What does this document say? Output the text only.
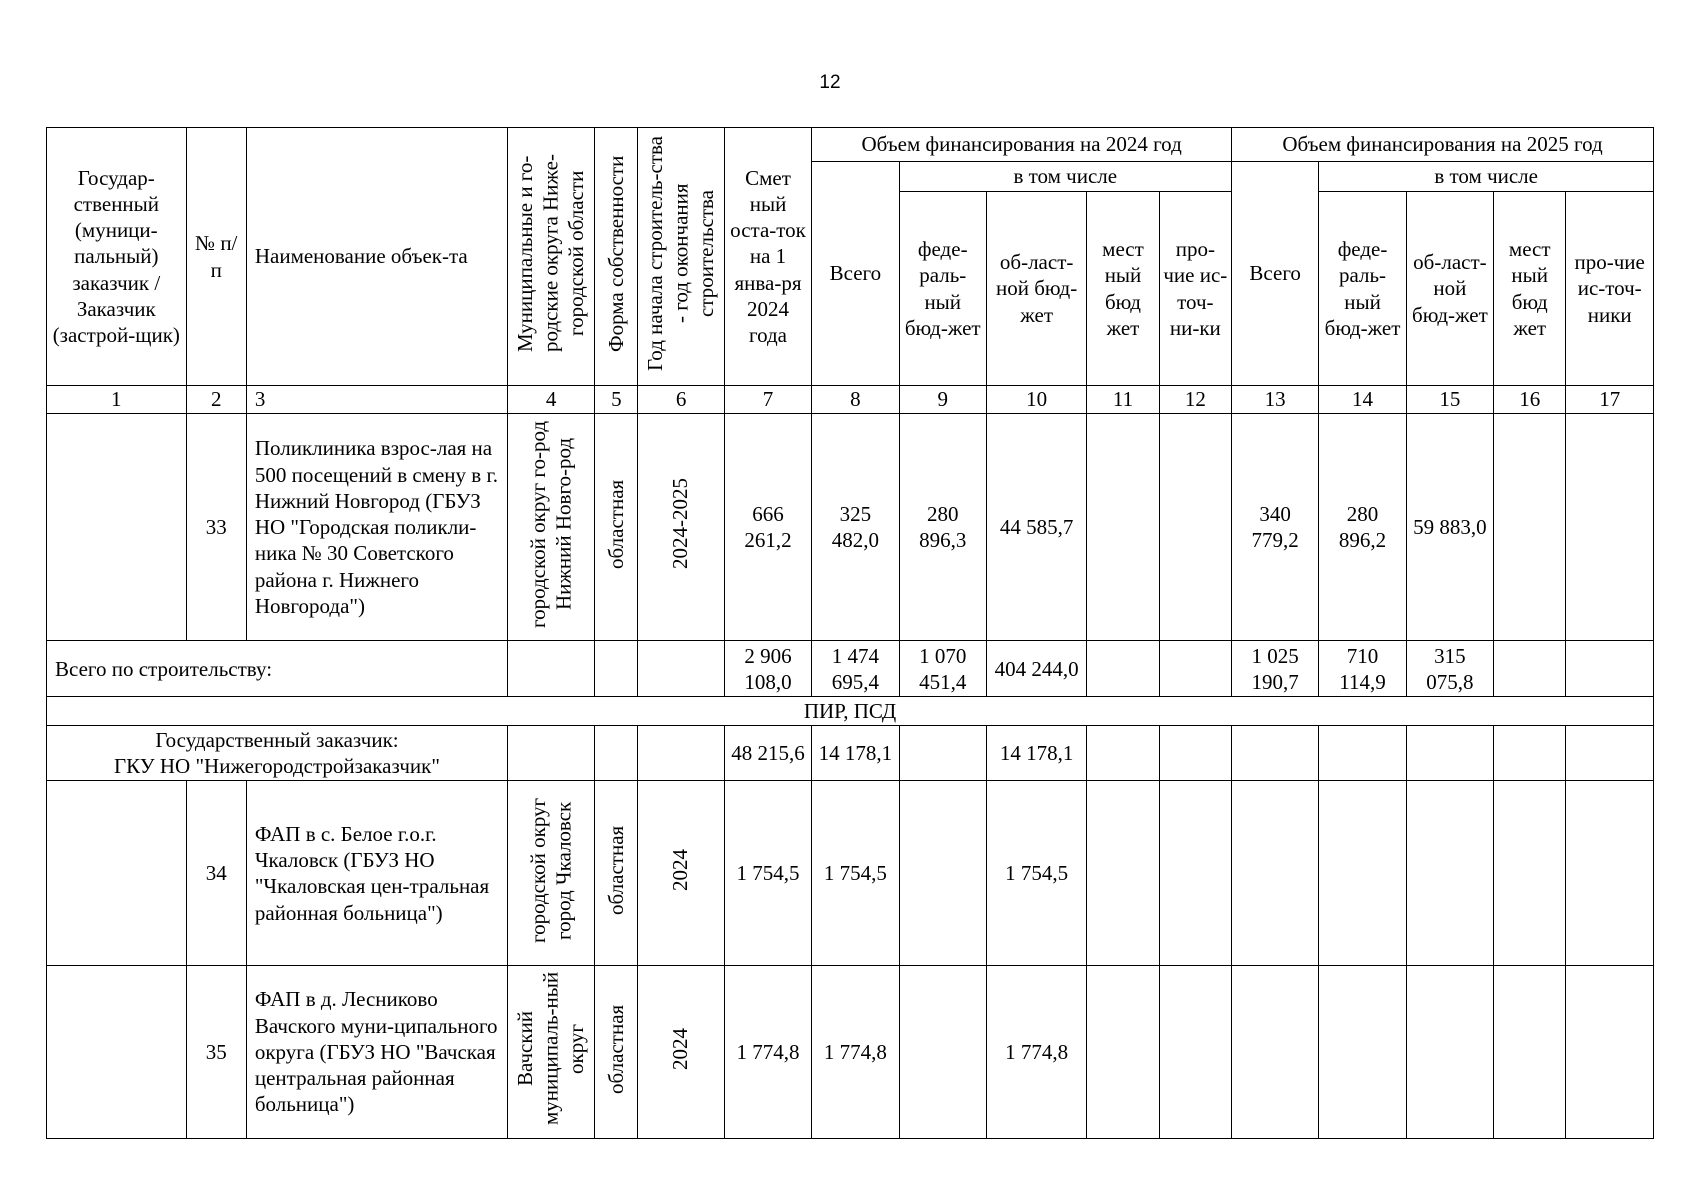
12
Государ-ственный (муници-пальный) заказчик / Заказчик (застрой-щик)	№ п/п	Наименование объек-та	Муниципальные и го-родские округа Ниже-городской области	Форма собственности	Год начала строитель-ства - год окончания строительства	Смет ный оста-ток на 1 янва-ря 2024 года	Объем финансирования на 2024 год					Объем финансирования на 2025 год				
							Всего	в том числе				Всего	в том числе			
								феде-раль-ный бюд-жет	об-ласт-ной бюд-жет	мест ный бюд жет	про-чие ис-точ-ни-ки		феде-раль-ный бюд-жет	об-ласт-ной бюд-жет	мест ный бюд жет	про-чие ис-точ-ники
1	2	3	4	5	6	7	8	9	10	11	12	13	14	15	16	17
	33	Поликлиника взрос-лая на 500 посещений в смену в г. Нижний Новгород (ГБУЗ НО "Городская поликли-ника № 30 Советского района г. Нижнего Новгорода")	городской округ го-род Нижний Новго-род	областная	2024-2025	666 261,2	325 482,0	280 896,3	44 585,7			340 779,2	280 896,2	59 883,0		
Всего по строительству:						2 906 108,0	1 474 695,4	1 070 451,4	404 244,0			1 025 190,7	710 114,9	315 075,8		
ПИР, ПСД																

Государственный заказчик:
ГКУ НО "Нижегородстройзаказчик"						48 215,6	14 178,1		14 178,1							
	34	ФАП в с. Белое г.о.г. Чкаловск (ГБУЗ НО "Чкаловская цен-тральная районная больница")	городской округ город Чкаловск	областная	2024	1 754,5	1 754,5		1 754,5							
	35	ФАП в д. Лесниково Вачского муни-ципального округа (ГБУЗ НО "Вачская центральная районная больница")	Вачский муниципаль-ный округ	областная	2024	1 774,8	1 774,8		1 774,8							
